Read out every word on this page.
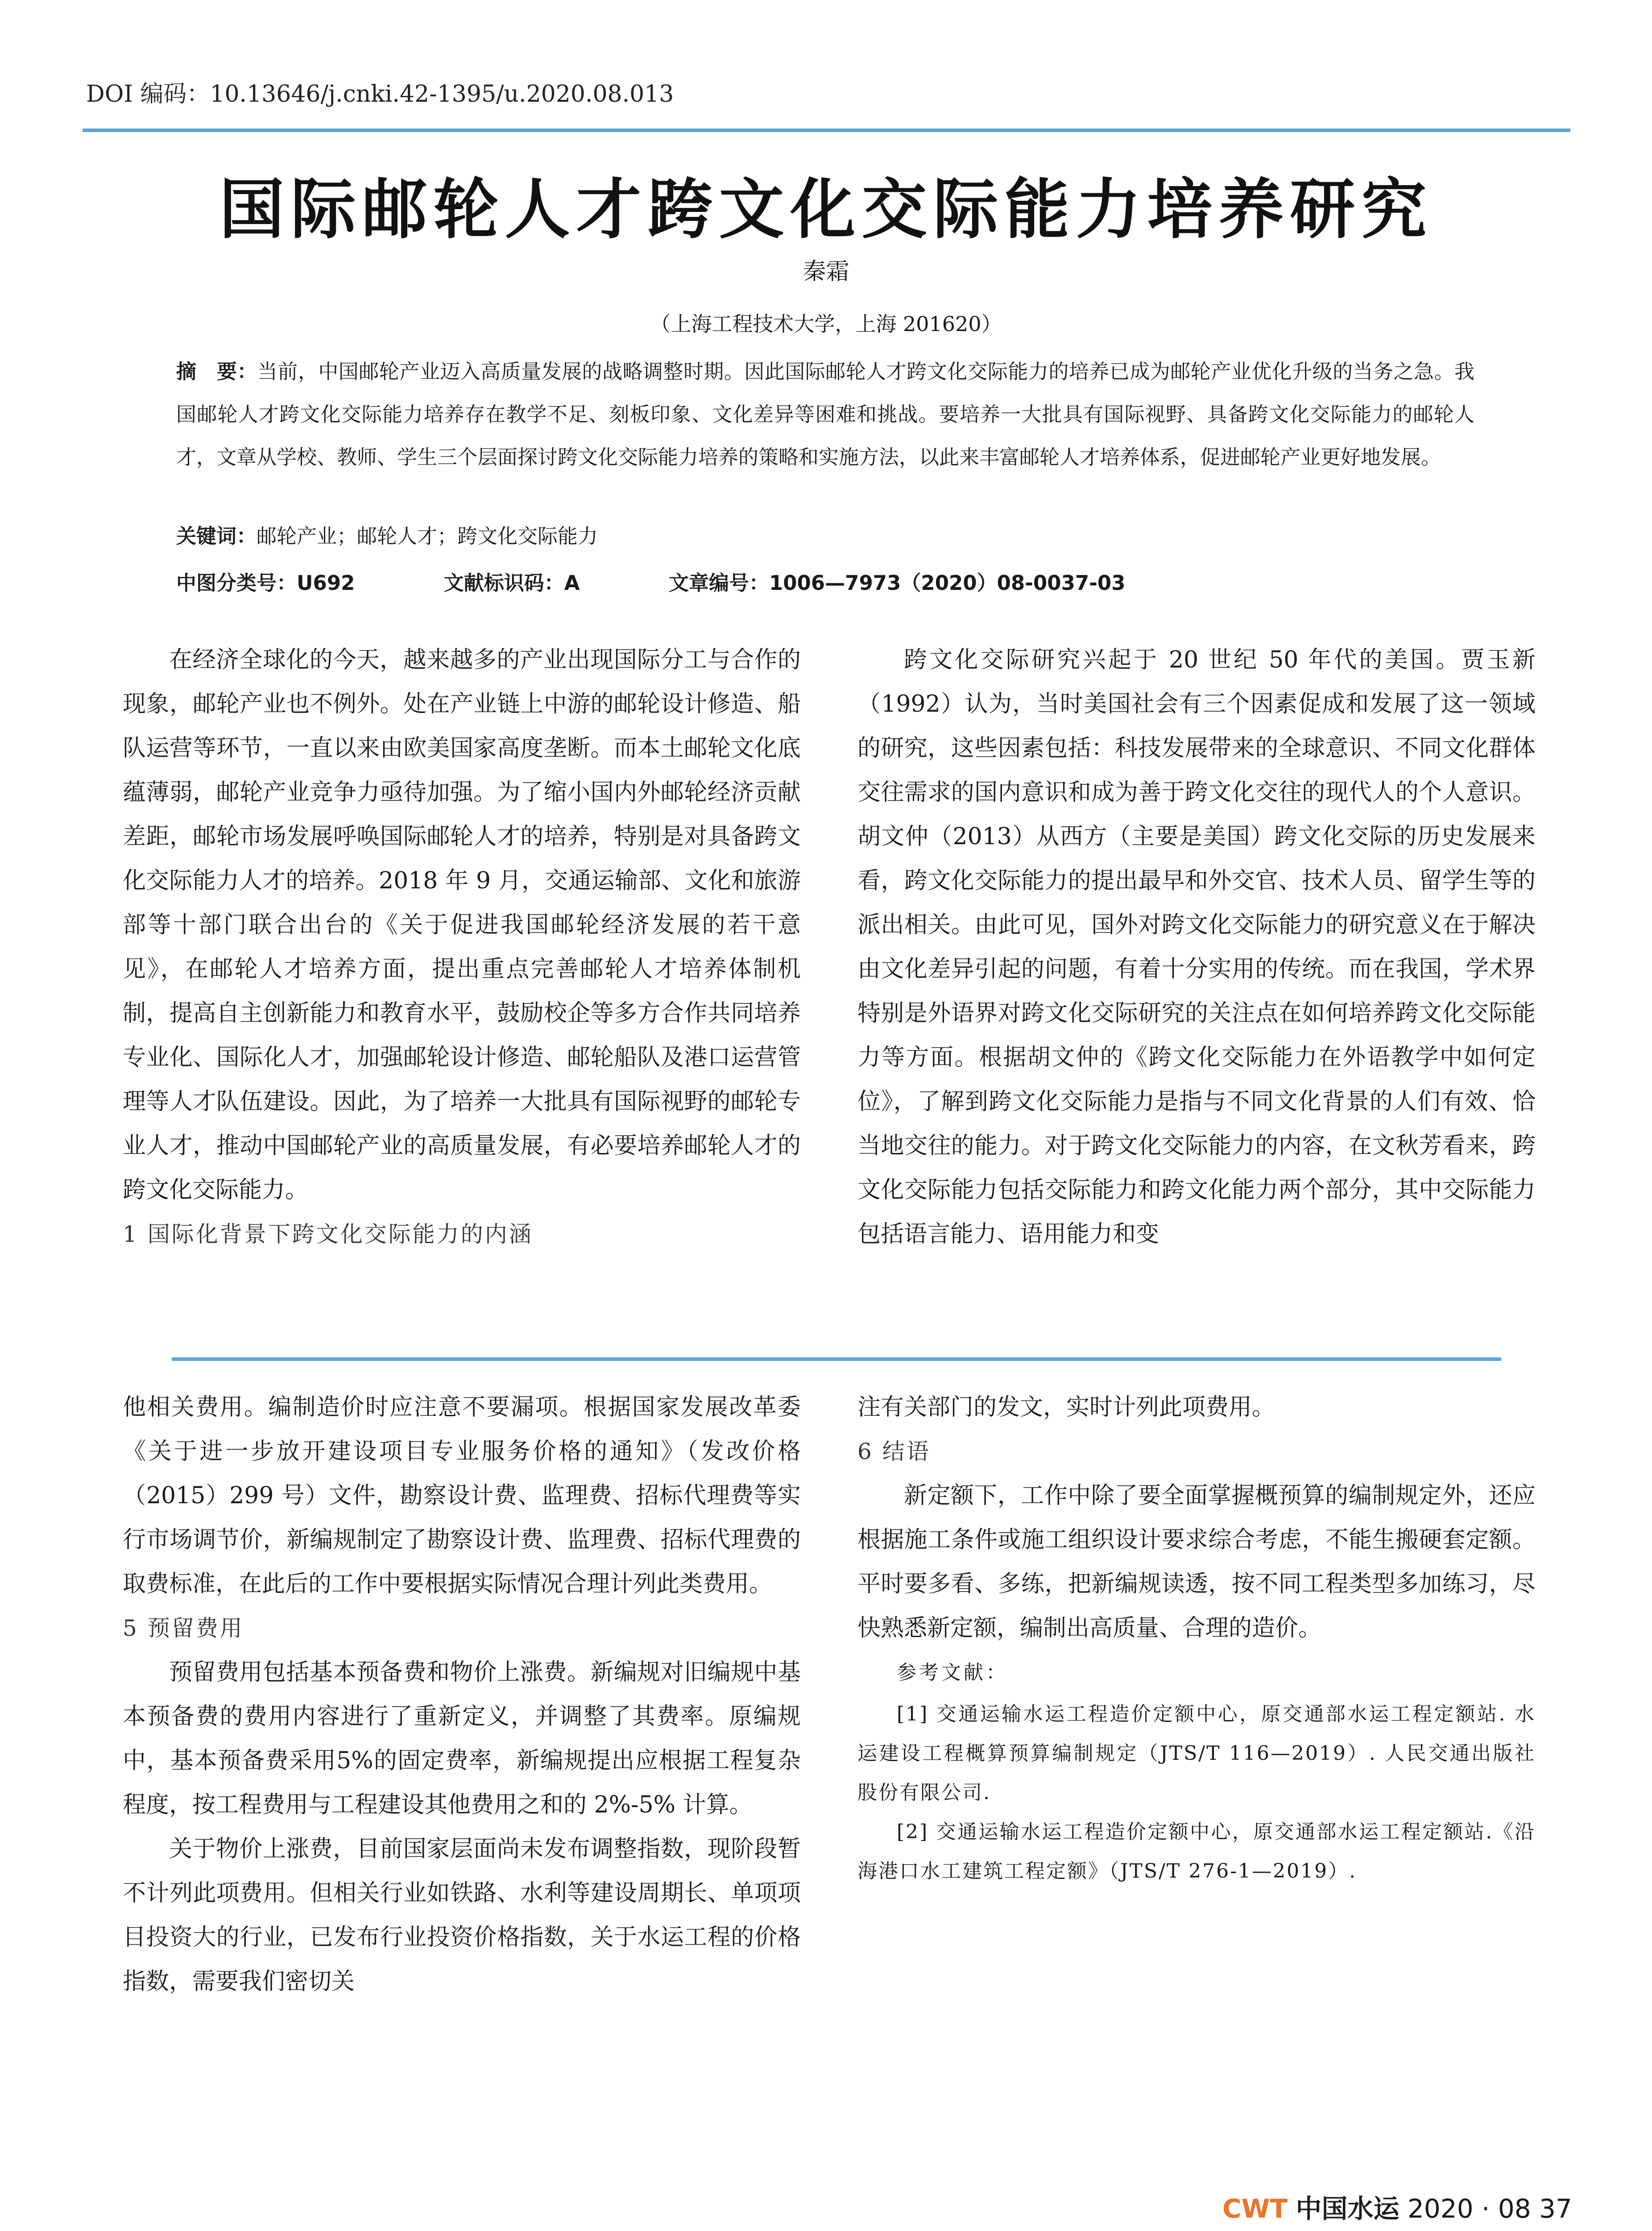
DOI 编码：10.13646/j.cnki.42-1395/u.2020.08.013
国际邮轮人才跨文化交际能力培养研究
秦霜
（上海工程技术大学，上海 201620）
摘　要：当前，中国邮轮产业迈入高质量发展的战略调整时期。因此国际邮轮人才跨文化交际能力的培养已成为邮轮产业优化升级的当务之急。我国邮轮人才跨文化交际能力培养存在教学不足、刻板印象、文化差异等困难和挑战。要培养一大批具有国际视野、具备跨文化交际能力的邮轮人才，文章从学校、教师、学生三个层面探讨跨文化交际能力培养的策略和实施方法，以此来丰富邮轮人才培养体系，促进邮轮产业更好地发展。
关键词：邮轮产业；邮轮人才；跨文化交际能力
中图分类号：U692	文献标识码：A	文章编号：1006—7973（2020）08-0037-03

在经济全球化的今天，越来越多的产业出现国际分工与合作的现象，邮轮产业也不例外。处在产业链上中游的邮轮设计修造、船队运营等环节，一直以来由欧美国家高度垄断。而本土邮轮文化底蕴薄弱，邮轮产业竞争力亟待加强。为了缩小国内外邮轮经济贡献差距，邮轮市场发展呼唤国际邮轮人才的培养，特别是对具备跨文化交际能力人才的培养。2018 年 9 月，交通运输部、文化和旅游部等十部门联合出台的《关于促进我国邮轮经济发展的若干意见》，在邮轮人才培养方面，提出重点完善邮轮人才培养体制机制，提高自主创新能力和教育水平，鼓励校企等多方合作共同培养专业化、国际化人才，加强邮轮设计修造、邮轮船队及港口运营管理等人才队伍建设。因此，为了培养一大批具有国际视野的邮轮专业人才，推动中国邮轮产业的高质量发展，有必要培养邮轮人才的跨文化交际能力。

1 国际化背景下跨文化交际能力的内涵

跨文化交际研究兴起于 20 世纪 50 年代的美国。贾玉新（1992）认为，当时美国社会有三个因素促成和发展了这一领域的研究，这些因素包括：科技发展带来的全球意识、不同文化群体交往需求的国内意识和成为善于跨文化交往的现代人的个人意识。胡文仲（2013）从西方（主要是美国）跨文化交际的历史发展来看，跨文化交际能力的提出最早和外交官、技术人员、留学生等的派出相关。由此可见，国外对跨文化交际能力的研究意义在于解决由文化差异引起的问题，有着十分实用的传统。而在我国，学术界特别是外语界对跨文化交际研究的关注点在如何培养跨文化交际能力等方面。根据胡文仲的《跨文化交际能力在外语教学中如何定位》，了解到跨文化交际能力是指与不同文化背景的人们有效、恰当地交往的能力。对于跨文化交际能力的内容，在文秋芳看来，跨文化交际能力包括交际能力和跨文化能力两个部分，其中交际能力包括语言能力、语用能力和变

他相关费用。编制造价时应注意不要漏项。根据国家发展改革委《关于进一步放开建设项目专业服务价格的通知》（发改价格（2015）299 号）文件，勘察设计费、监理费、招标代理费等实行市场调节价，新编规制定了勘察设计费、监理费、招标代理费的取费标准，在此后的工作中要根据实际情况合理计列此类费用。

5 预留费用

预留费用包括基本预备费和物价上涨费。新编规对旧编规中基本预备费的费用内容进行了重新定义，并调整了其费率。原编规中，基本预备费采用5%的固定费率，新编规提出应根据工程复杂程度，按工程费用与工程建设其他费用之和的 2%-5% 计算。

关于物价上涨费，目前国家层面尚未发布调整指数，现阶段暂不计列此项费用。但相关行业如铁路、水利等建设周期长、单项项目投资大的行业，已发布行业投资价格指数，关于水运工程的价格指数，需要我们密切关

注有关部门的发文，实时计列此项费用。

6 结语

新定额下，工作中除了要全面掌握概预算的编制规定外，还应根据施工条件或施工组织设计要求综合考虑，不能生搬硬套定额。平时要多看、多练，把新编规读透，按不同工程类型多加练习，尽快熟悉新定额，编制出高质量、合理的造价。

参考文献：

[1] 交通运输水运工程造价定额中心，原交通部水运工程定额站. 水运建设工程概算预算编制规定（JTS/T 116—2019）. 人民交通出版社股份有限公司.

[2] 交通运输水运工程造价定额中心，原交通部水运工程定额站.《沿海港口水工建筑工程定额》（JTS/T 276-1—2019）.

CWT 中国水运 2020 · 08 37
